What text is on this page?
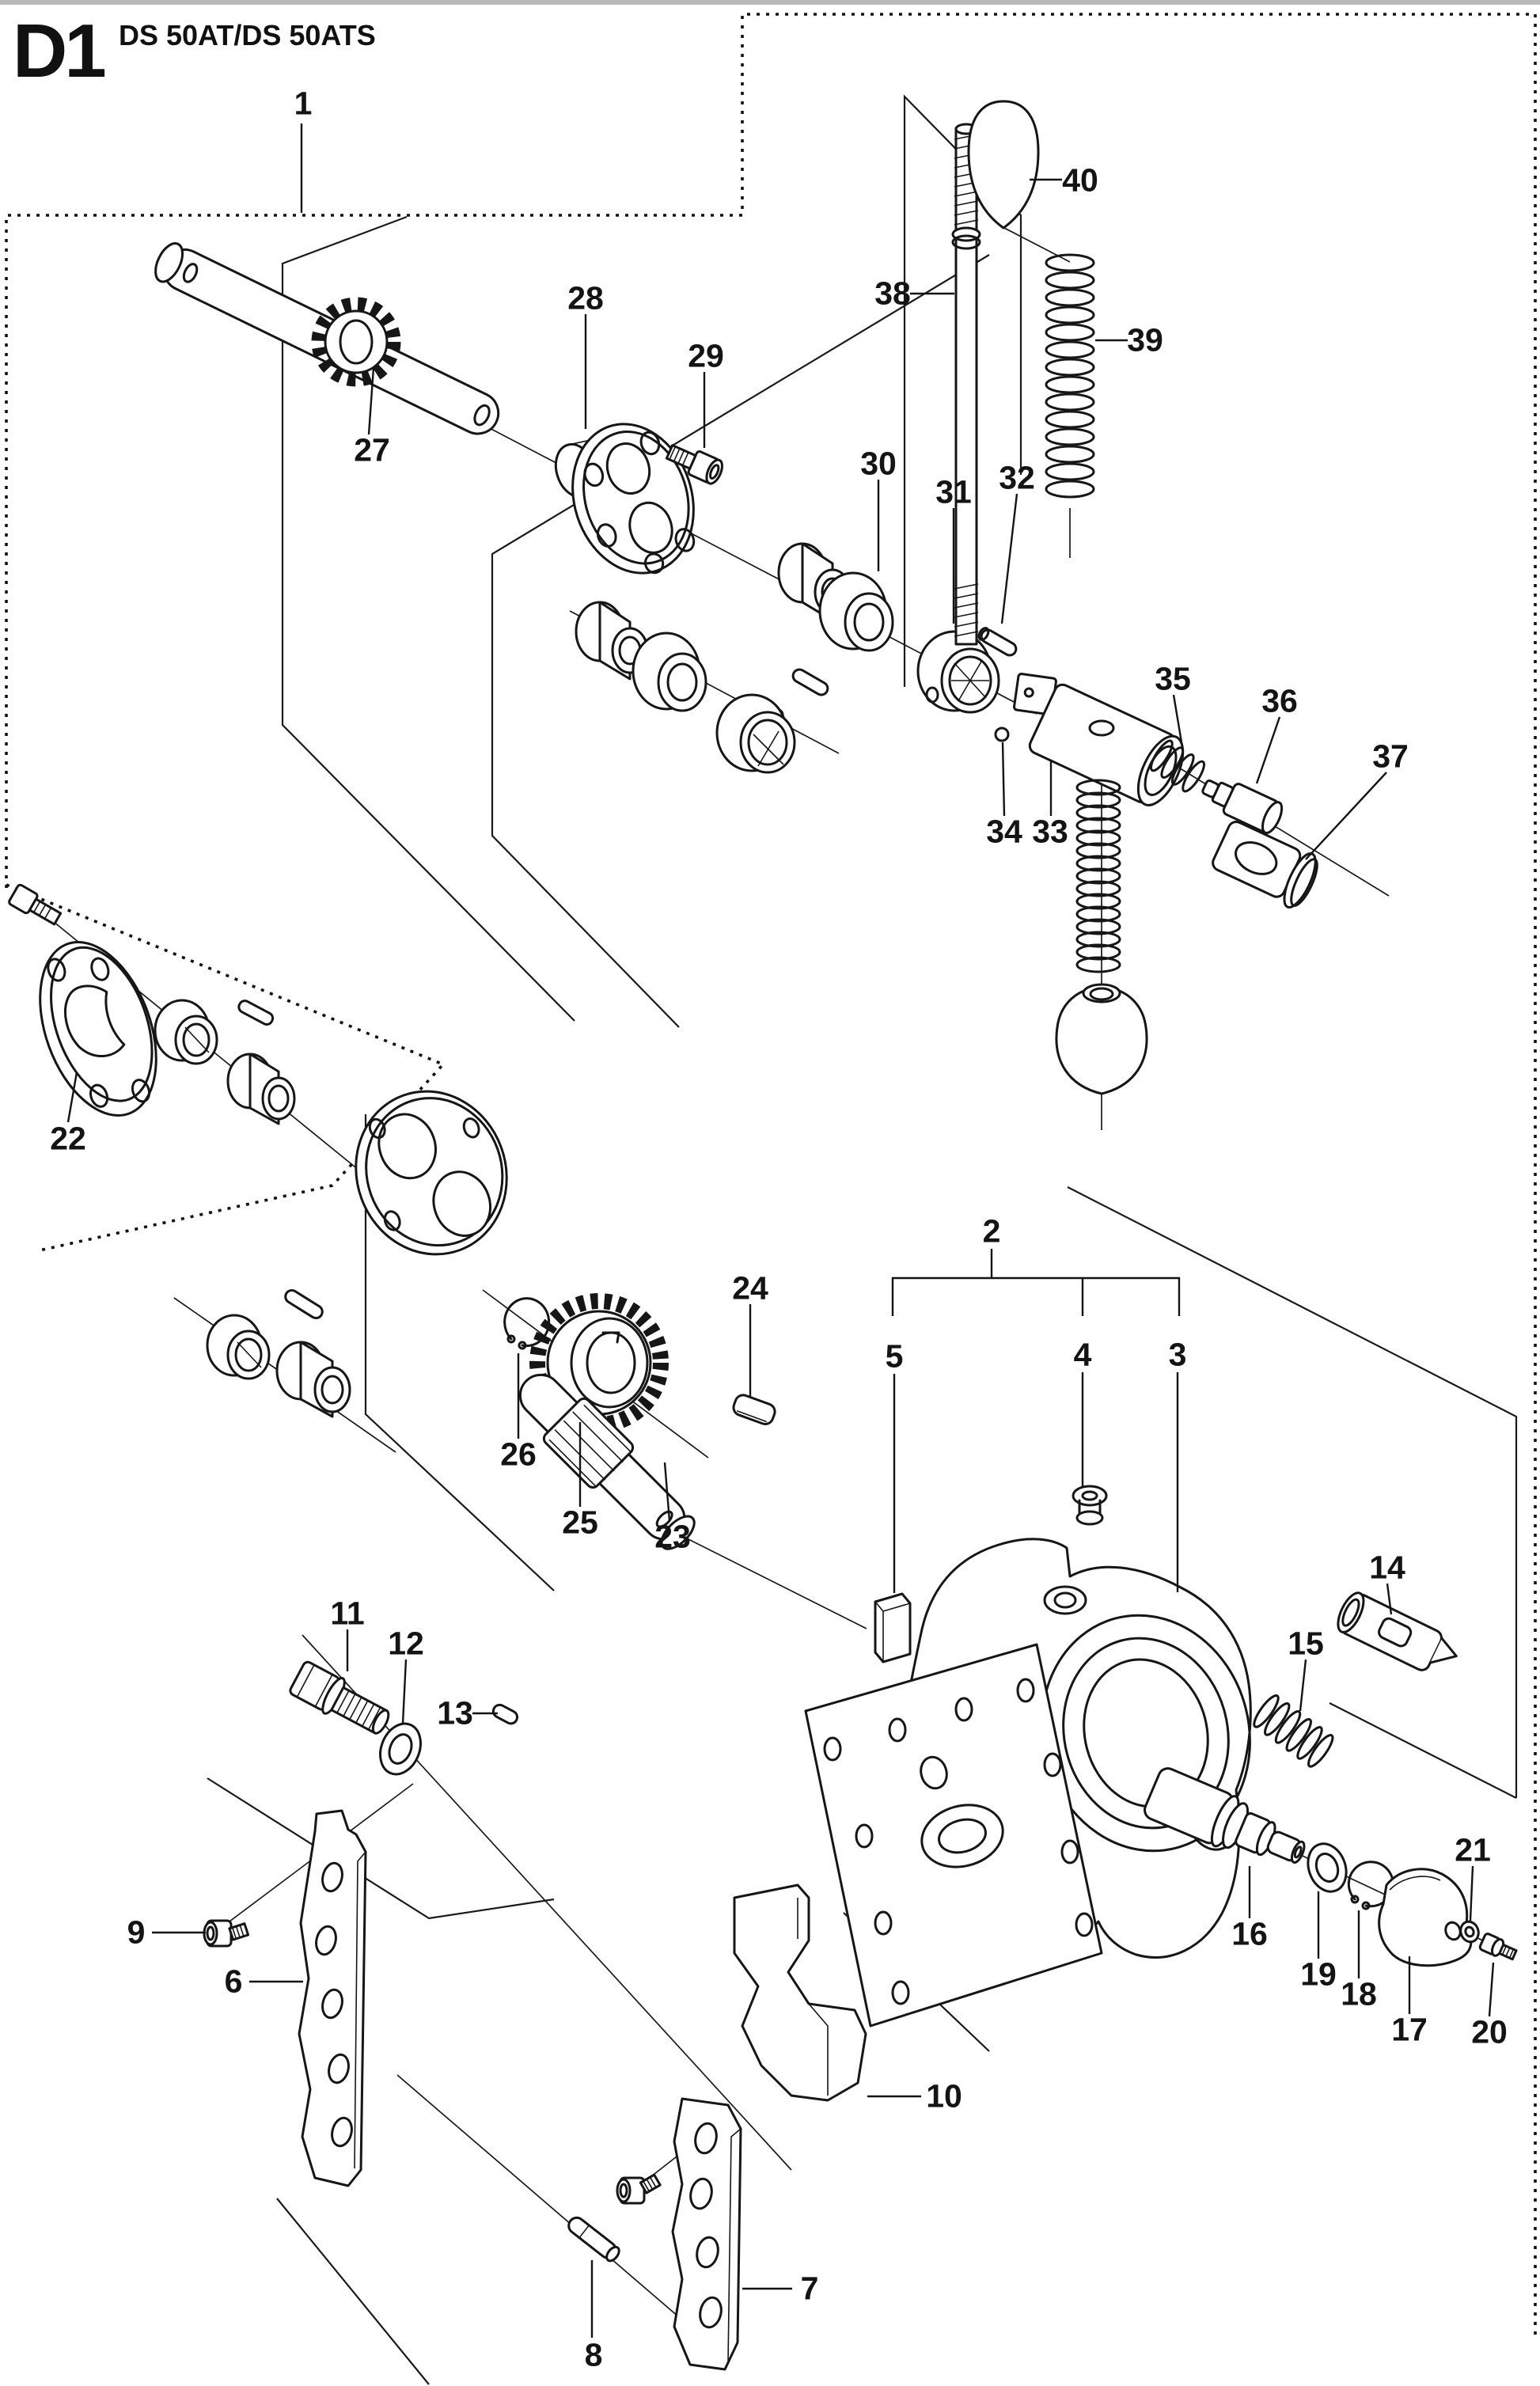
D1 DS 50AT/DS 50ATS
1
2
3
4
5
6
7
8
9
10
11
12
13
14
15
16
17
18
19
20
21
22
23
24
25
26
27
28
29
30
31 32
33
34
35
36
37
38
39
40
